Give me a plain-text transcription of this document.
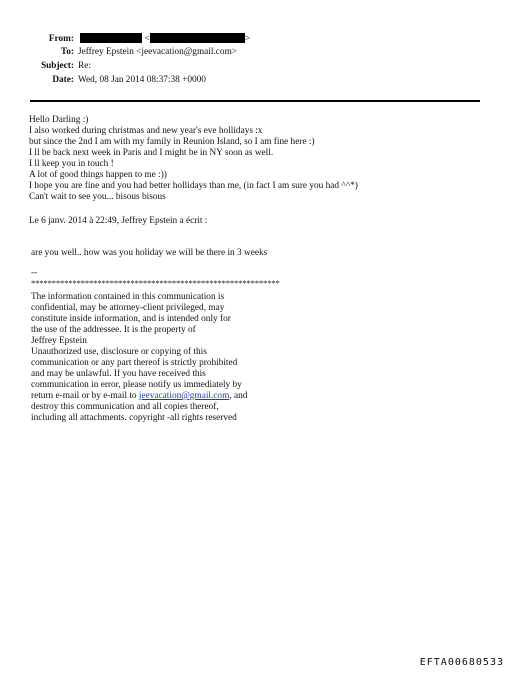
From:	<	>
To: Jeffrey Epstein <jeevacation@gmail.com>
Subject: Re:
Date: Wed, 08 Jan 2014 08:37:38 +0000
Hello Darling :)
I also worked during christmas and new year's eve hollidays :x
but since the 2nd I am with my family in Reunion Island, so I am fine here :)
I ll be back next week in Paris and I might be in NY soon as well.
I ll keep you in touch !
A lot of good things happen to me :))
I hope you are fine and you had better hollidays than me, (in fact I am sure you had ^^*)
Can't wait to see you... bisous bisous
Le 6 janv. 2014 à 22:49, Jeffrey Epstein a écrit :
are you well.. how was you holiday we will be there in 3 weeks
--
************************************************************
The information contained in this communication is
confidential, may be attorney-client privileged, may
constitute inside information, and is intended only for
the use of the addressee. It is the property of
Jeffrey Epstein
Unauthorized use, disclosure or copying of this
communication or any part thereof is strictly prohibited
and may be unlawful. If you have received this
communication in error, please notify us immediately by
return e-mail or by e-mail to jeevacation@gmail.com, and
destroy this communication and all copies thereof,
including all attachments. copyright -all rights reserved
EFTA00680533
